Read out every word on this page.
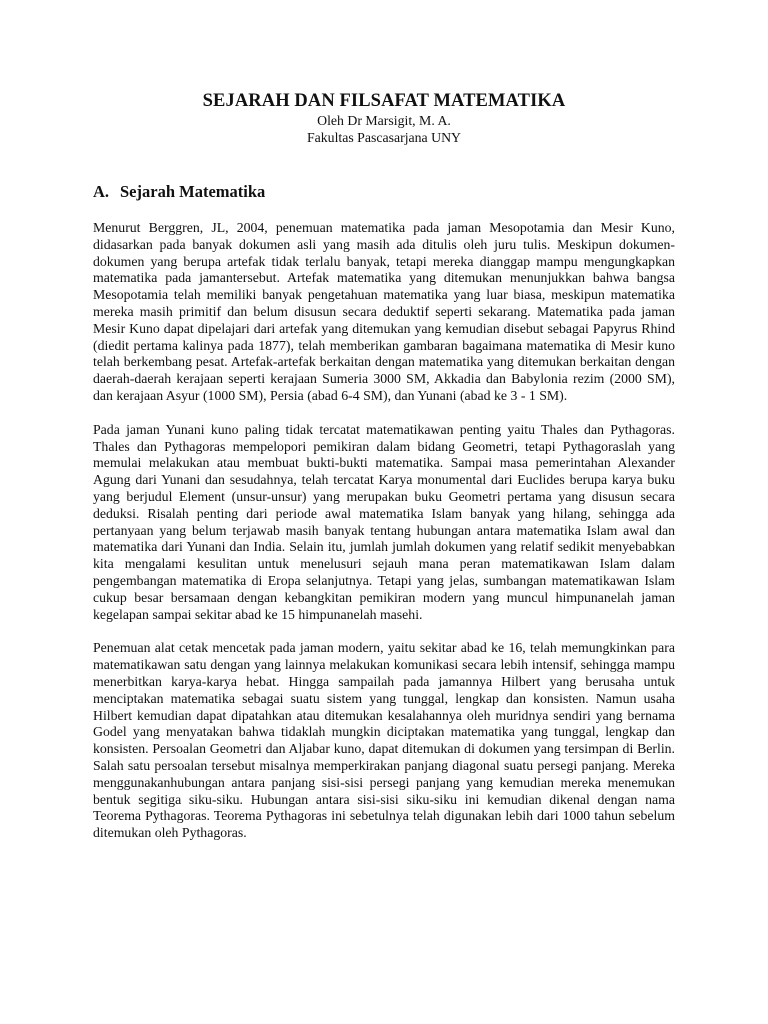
SEJARAH DAN FILSAFAT MATEMATIKA

Oleh Dr Marsigit, M. A.

Fakultas Pascasarjana UNY

A. Sejarah Matematika

Menurut Berggren, JL, 2004, penemuan matematika pada jaman Mesopotamia dan Mesir Kuno, didasarkan pada banyak dokumen asli yang masih ada ditulis oleh juru tulis. Meskipun dokumen-dokumen yang berupa artefak tidak terlalu banyak, tetapi mereka dianggap mampu mengungkapkan matematika pada jamantersebut. Artefak matematika yang ditemukan menunjukkan bahwa bangsa Mesopotamia telah memiliki banyak pengetahuan matematika yang luar biasa, meskipun matematika mereka masih primitif dan belum disusun secara deduktif seperti sekarang. Matematika pada jaman Mesir Kuno dapat dipelajari dari artefak yang ditemukan yang kemudian disebut sebagai Papyrus Rhind (diedit pertama kalinya pada 1877), telah memberikan gambaran bagaimana matematika di Mesir kuno telah berkembang pesat. Artefak-artefak berkaitan dengan matematika yang ditemukan berkaitan dengan daerah-daerah kerajaan seperti kerajaan Sumeria 3000 SM, Akkadia dan Babylonia rezim (2000 SM), dan kerajaan Asyur (1000 SM), Persia (abad 6-4 SM), dan Yunani (abad ke 3 - 1 SM).

Pada jaman Yunani kuno paling tidak tercatat matematikawan penting yaitu Thales dan Pythagoras. Thales dan Pythagoras mempelopori pemikiran dalam bidang Geometri, tetapi Pythagoraslah yang memulai melakukan atau membuat bukti-bukti matematika. Sampai masa pemerintahan Alexander Agung dari Yunani dan sesudahnya, telah tercatat Karya monumental dari Euclides berupa karya buku yang berjudul Element (unsur-unsur) yang merupakan buku Geometri pertama yang disusun secara deduksi. Risalah penting dari periode awal matematika Islam banyak yang hilang, sehingga ada pertanyaan yang belum terjawab masih banyak tentang hubungan antara matematika Islam awal dan matematika dari Yunani dan India. Selain itu, jumlah jumlah dokumen yang relatif sedikit menyebabkan kita mengalami kesulitan untuk menelusuri sejauh mana peran matematikawan Islam dalam pengembangan matematika di Eropa selanjutnya. Tetapi yang jelas, sumbangan matematikawan Islam cukup besar bersamaan dengan kebangkitan pemikiran modern yang muncul himpunanelah jaman kegelapan sampai sekitar abad ke 15 himpunanelah masehi.

Penemuan alat cetak mencetak pada jaman modern, yaitu sekitar abad ke 16, telah memungkinkan para matematikawan satu dengan yang lainnya melakukan komunikasi secara lebih intensif, sehingga mampu menerbitkan karya-karya hebat. Hingga sampailah pada jamannya Hilbert yang berusaha untuk menciptakan matematika sebagai suatu sistem yang tunggal, lengkap dan konsisten. Namun usaha Hilbert kemudian dapat dipatahkan atau ditemukan kesalahannya oleh muridnya sendiri yang bernama Godel yang menyatakan bahwa tidaklah mungkin diciptakan matematika yang tunggal, lengkap dan konsisten. Persoalan Geometri dan Aljabar kuno, dapat ditemukan di dokumen yang tersimpan di Berlin. Salah satu persoalan tersebut misalnya memperkirakan panjang diagonal suatu persegi panjang. Mereka menggunakanhubungan antara panjang sisi-sisi persegi panjang yang kemudian mereka menemukan bentuk segitiga siku-siku. Hubungan antara sisi-sisi siku-siku ini kemudian dikenal dengan nama Teorema Pythagoras. Teorema Pythagoras ini sebetulnya telah digunakan lebih dari 1000 tahun sebelum ditemukan oleh Pythagoras.
